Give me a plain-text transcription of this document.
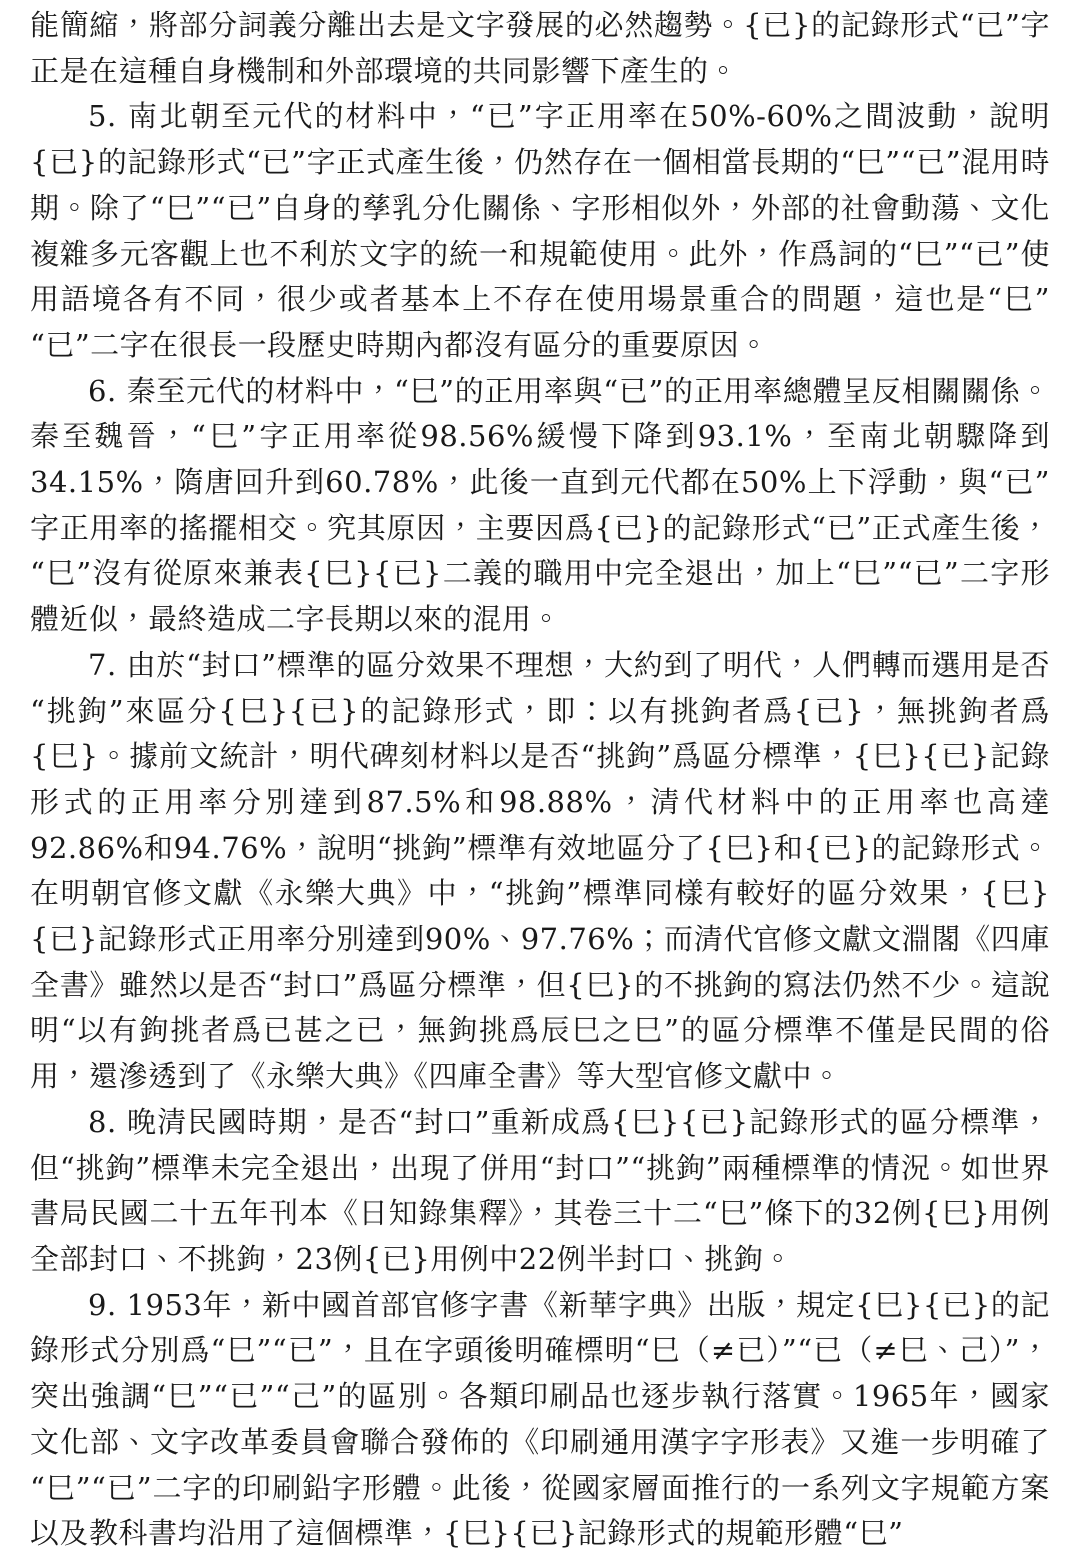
能簡縮，將部分詞義分離出去是文字發展的必然趨勢。{已}的記錄形式“已”字正是在這種自身機制和外部環境的共同影響下產生的。

5. 南北朝至元代的材料中，“已”字正用率在50%-60%之間波動，說明{已}的記錄形式“已”字正式產生後，仍然存在一個相當長期的“巳”“已”混用時期。除了“巳”“已”自身的孳乳分化關係、字形相似外，外部的社會動蕩、文化複雜多元客觀上也不利於文字的統一和規範使用。此外，作爲詞的“巳”“已”使用語境各有不同，很少或者基本上不存在使用場景重合的問題，這也是“巳”“已”二字在很長一段歷史時期內都沒有區分的重要原因。

6. 秦至元代的材料中，“巳”的正用率與“已”的正用率總體呈反相關關係。秦至魏晉，“巳”字正用率從98.56%緩慢下降到93.1%，至南北朝驟降到34.15%，隋唐回升到60.78%，此後一直到元代都在50%上下浮動，與“已”字正用率的搖擺相交。究其原因，主要因爲{已}的記錄形式“已”正式產生後，“巳”沒有從原來兼表{巳}{已}二義的職用中完全退出，加上“巳”“已”二字形體近似，最終造成二字長期以來的混用。

7. 由於“封口”標準的區分效果不理想，大約到了明代，人們轉而選用是否“挑鉤”來區分{巳}{已}的記錄形式，即：以有挑鉤者爲{已}，無挑鉤者爲{巳}。據前文統計，明代碑刻材料以是否“挑鉤”爲區分標準，{巳}{已}記錄形式的正用率分別達到87.5%和98.88%，清代材料中的正用率也高達92.86%和94.76%，說明“挑鉤”標準有效地區分了{巳}和{已}的記錄形式。在明朝官修文獻《永樂大典》中，“挑鉤”標準同樣有較好的區分效果，{巳}{已}記錄形式正用率分別達到90%、97.76%；而清代官修文獻文淵閣《四庫全書》雖然以是否“封口”爲區分標準，但{巳}的不挑鉤的寫法仍然不少。這說明“以有鉤挑者爲已甚之已，無鉤挑爲辰巳之巳”的區分標準不僅是民間的俗用，還滲透到了《永樂大典》《四庫全書》等大型官修文獻中。

8. 晚清民國時期，是否“封口”重新成爲{巳}{已}記錄形式的區分標準，但“挑鉤”標準未完全退出，出現了併用“封口”“挑鉤”兩種標準的情況。如世界書局民國二十五年刊本《日知錄集釋》，其卷三十二“巳”條下的32例{巳}用例全部封口、不挑鉤，23例{已}用例中22例半封口、挑鉤。

9. 1953年，新中國首部官修字書《新華字典》出版，規定{巳}{已}的記錄形式分別爲“巳”“已”，且在字頭後明確標明“巳（≠已）”“已（≠巳、己）”，突出強調“巳”“已”“己”的區別。各類印刷品也逐步執行落實。1965年，國家文化部、文字改革委員會聯合發佈的《印刷通用漢字字形表》又進一步明確了“巳”“已”二字的印刷鉛字形體。此後，從國家層面推行的一系列文字規範方案以及教科書均沿用了這個標準，{巳}{已}記錄形式的規範形體“巳”
